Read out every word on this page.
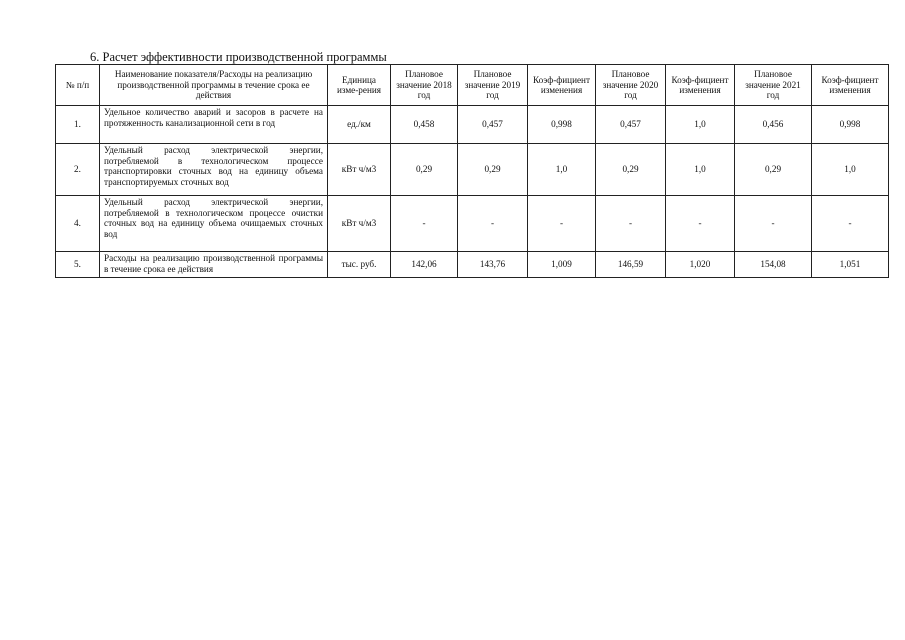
6. Расчет эффективности производственной программы
№ п/п	Наименование показателя/Расходы на реализацию производственной программы в течение срока ее действия	Единица изме-рения	Плановое значение 2018 год	Плановое значение 2019 год	Коэф-фициент изменения	Плановое значение 2020 год	Коэф-фициент изменения	Плановое значение 2021 год	Коэф-фициент изменения
1.	Удельное количество аварий и засоров в расчете на протяженность канализационной сети в год	ед./км	0,458	0,457	0,998	0,457	1,0	0,456	0,998
2.	Удельный расход электрической энергии, потребляемой в технологическом процессе транспортировки сточных вод на единицу объема транспортируемых сточных вод	кВт ч/м3	0,29	0,29	1,0	0,29	1,0	0,29	1,0
4.	Удельный расход электрической энергии, потребляемой в технологическом процессе очистки сточных вод на единицу объема очищаемых сточных вод	кВт ч/м3	-	-	-	-	-	-	-
5.	Расходы на реализацию производственной программы в течение срока ее действия	тыс. руб.	142,06	143,76	1,009	146,59	1,020	154,08	1,051
